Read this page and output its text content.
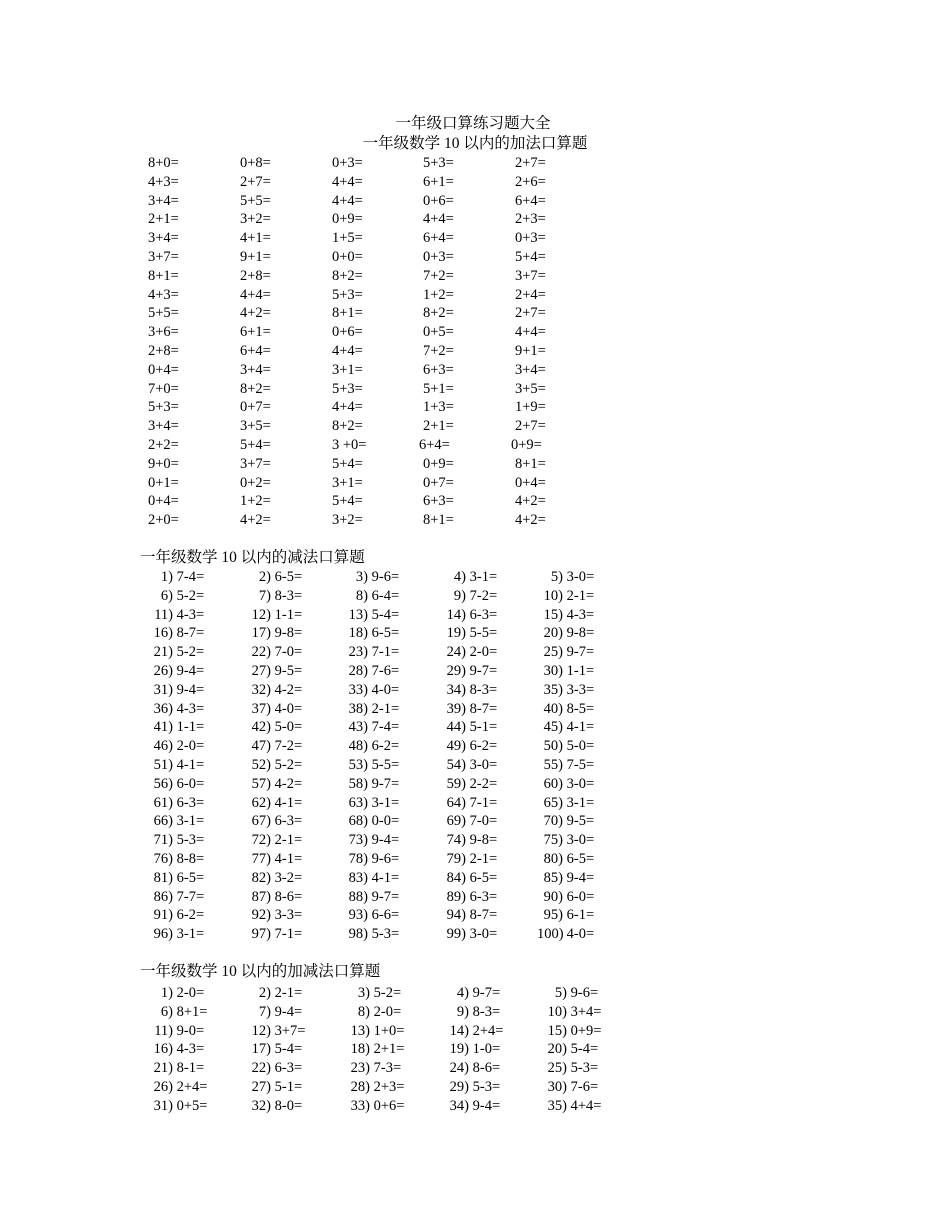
一年级口算练习题大全
一年级数学 10 以内的加法口算题
8+0=	0+8=	0+3=	5+3=	2+7=
4+3=	2+7=	4+4=	6+1=	2+6=
3+4=	5+5=	4+4=	0+6=	6+4=
2+1=	3+2=	0+9=	4+4=	2+3=
3+4=	4+1=	1+5=	6+4=	0+3=
3+7=	9+1=	0+0=	0+3=	5+4=
8+1=	2+8=	8+2=	7+2=	3+7=
4+3=	4+4=	5+3=	1+2=	2+4=
5+5=	4+2=	8+1=	8+2=	2+7=
3+6=	6+1=	0+6=	0+5=	4+4=
2+8=	6+4=	4+4=	7+2=	9+1=
0+4=	3+4=	3+1=	6+3=	3+4=
7+0=	8+2=	5+3=	5+1=	3+5=
5+3=	0+7=	4+4=	1+3=	1+9=
3+4=	3+5=	8+2=	2+1=	2+7=
2+2=	5+4=	3 +0=	6+4=	0+9=
9+0=	3+7=	5+4=	0+9=	8+1=
0+1=	0+2=	3+1=	0+7=	0+4=
0+4=	1+2=	5+4=	6+3=	4+2=
2+0=	4+2=	3+2=	8+1=	4+2=
一年级数学 10 以内的减法口算题
1) 7-4=	2) 6-5=	3) 9-6=	4) 3-1=	5) 3-0=
6) 5-2=	7) 8-3=	8) 6-4=	9) 7-2=	10) 2-1=
11) 4-3=	12) 1-1=	13) 5-4=	14) 6-3=	15) 4-3=
16) 8-7=	17) 9-8=	18) 6-5=	19) 5-5=	20) 9-8=
21) 5-2=	22) 7-0=	23) 7-1=	24) 2-0=	25) 9-7=
26) 9-4=	27) 9-5=	28) 7-6=	29) 9-7=	30) 1-1=
31) 9-4=	32) 4-2=	33) 4-0=	34) 8-3=	35) 3-3=
36) 4-3=	37) 4-0=	38) 2-1=	39) 8-7=	40) 8-5=
41) 1-1=	42) 5-0=	43) 7-4=	44) 5-1=	45) 4-1=
46) 2-0=	47) 7-2=	48) 6-2=	49) 6-2=	50) 5-0=
51) 4-1=	52) 5-2=	53) 5-5=	54) 3-0=	55) 7-5=
56) 6-0=	57) 4-2=	58) 9-7=	59) 2-2=	60) 3-0=
61) 6-3=	62) 4-1=	63) 3-1=	64) 7-1=	65) 3-1=
66) 3-1=	67) 6-3=	68) 0-0=	69) 7-0=	70) 9-5=
71) 5-3=	72) 2-1=	73) 9-4=	74) 9-8=	75) 3-0=
76) 8-8=	77) 4-1=	78) 9-6=	79) 2-1=	80) 6-5=
81) 6-5=	82) 3-2=	83) 4-1=	84) 6-5=	85) 9-4=
86) 7-7=	87) 8-6=	88) 9-7=	89) 6-3=	90) 6-0=
91) 6-2=	92) 3-3=	93) 6-6=	94) 8-7=	95) 6-1=
96) 3-1=	97) 7-1=	98) 5-3=	99) 3-0=	100) 4-0=
一年级数学 10 以内的加减法口算题
1) 2-0=	2) 2-1=	3) 5-2=	4) 9-7=	5) 9-6=
6) 8+1=	7) 9-4=	8) 2-0=	9) 8-3=	10) 3+4=
11) 9-0=	12) 3+7=	13) 1+0=	14) 2+4=	15) 0+9=
16) 4-3=	17) 5-4=	18) 2+1=	19) 1-0=	20) 5-4=
21) 8-1=	22) 6-3=	23) 7-3=	24) 8-6=	25) 5-3=
26) 2+4=	27) 5-1=	28) 2+3=	29) 5-3=	30) 7-6=
31) 0+5=	32) 8-0=	33) 0+6=	34) 9-4=	35) 4+4=
